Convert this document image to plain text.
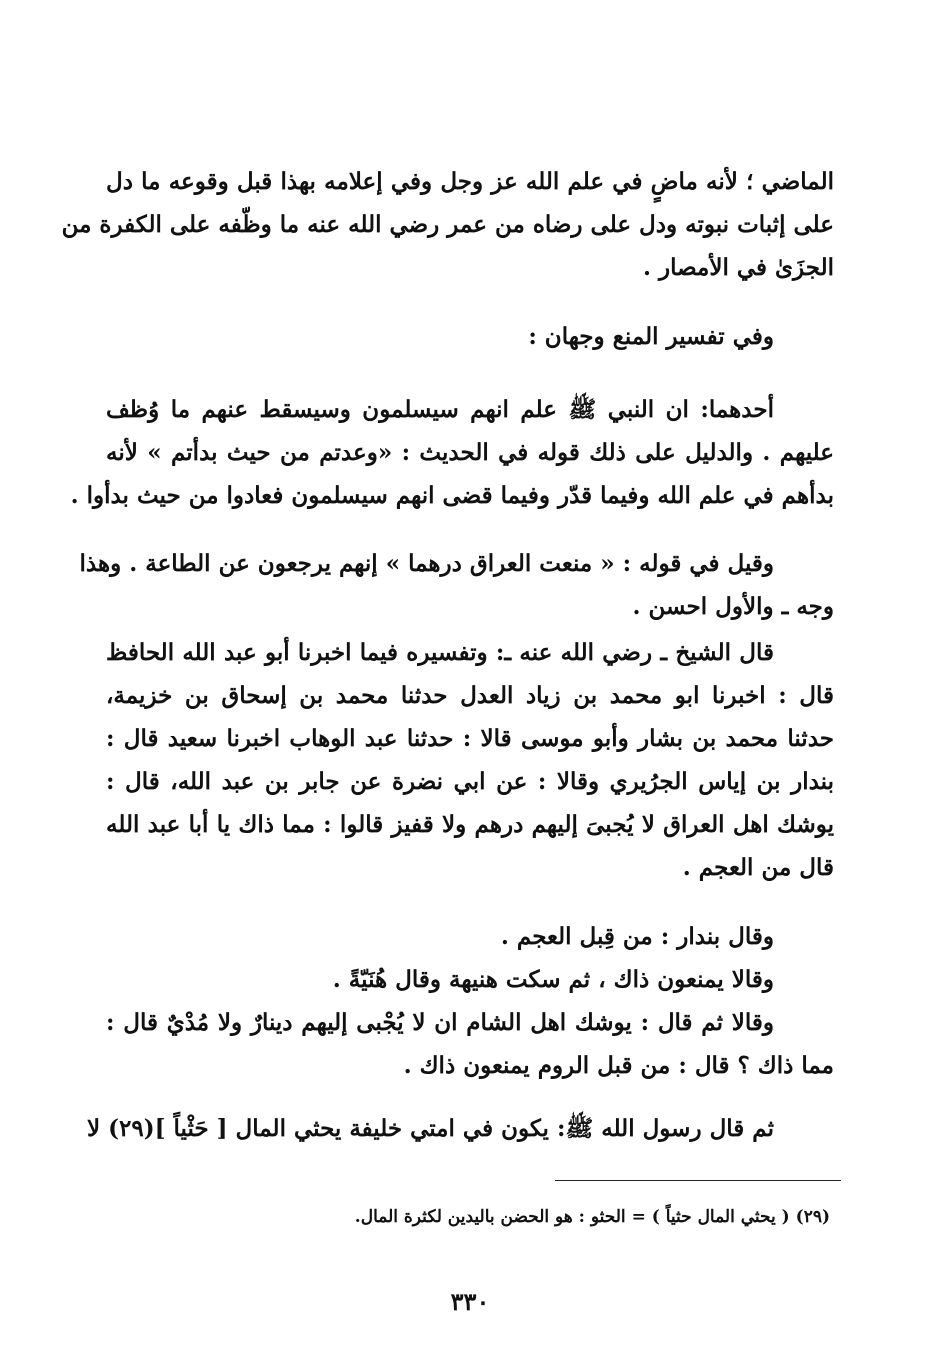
الماضي ؛ لأنه ماضٍ في علم الله عز وجل وفي إعلامه بهذا قبل وقوعه ما دل
على إثبات نبوته ودل على رضاه من عمر رضي الله عنه ما وظّفه على الكفرة من
الجزَىٰ في الأمصار .
وفي تفسير المنع وجهان :
أحدهما: ان النبي ﷺ علم انهم سيسلمون وسيسقط عنهم ما وُظف
عليهم . والدليل على ذلك قوله في الحديث : «وعدتم من حيث بدأتم » لأنه
بدأهم في علم الله وفيما قدّر وفيما قضى انهم سيسلمون فعادوا من حيث بدأوا .
وقيل في قوله : « منعت العراق درهما » إنهم يرجعون عن الطاعة . وهذا
وجه ـ والأول احسن .
قال الشيخ ـ رضي الله عنه ـ: وتفسيره فيما اخبرنا أبو عبد الله الحافظ
قال : اخبرنا ابو محمد بن زياد العدل حدثنا محمد بن إسحاق بن خزيمة،
حدثنا محمد بن بشار وأبو موسى قالا : حدثنا عبد الوهاب اخبرنا سعيد قال :
بندار بن إياس الجرُيري وقالا : عن ابي نضرة عن جابر بن عبد الله، قال :
يوشك اهل العراق لا يُجبىَ إليهم درهم ولا قفيز قالوا : مما ذاك يا أبا عبد الله
قال من العجم .
وقال بندار : من قِبل العجم .
وقالا يمنعون ذاك ، ثم سكت هنيهة وقال هُنَيّةً .
وقالا ثم قال : يوشك اهل الشام ان لا يُجْبى إليهم دينارٌ ولا مُدْيٌ قال :
مما ذاك ؟ قال : من قبل الروم يمنعون ذاك .
ثم قال رسول الله ﷺ: يكون في امتي خليفة يحثي المال [ حَثْياً ](٢٩) لا
(٢٩) ( يحثي المال حثياً ) = الحثو : هو الحضن باليدين لكثرة المال.
٣٣٠
